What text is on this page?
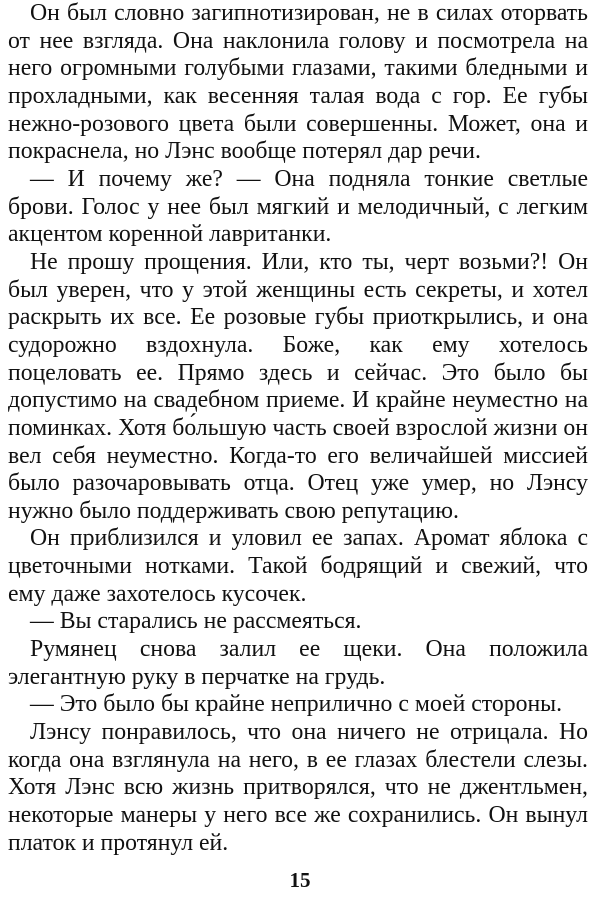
Он был словно загипнотизирован, не в силах оторвать от нее взгляда. Она наклонила голову и посмотрела на него огромными голубыми глазами, такими бледными и прохладными, как весенняя талая вода с гор. Ее губы нежно-розового цвета были совершенны. Может, она и покраснела, но Лэнс вообще потерял дар речи.

— И почему же? — Она подняла тонкие светлые брови. Голос у нее был мягкий и мелодичный, с легким акцентом коренной лавританки.

Не прошу прощения. Или, кто ты, черт возьми?! Он был уверен, что у этой женщины есть секреты, и хотел раскрыть их все. Ее розовые губы приоткрылись, и она судорожно вздохнула. Боже, как ему хотелось поцеловать ее. Прямо здесь и сейчас. Это было бы допустимо на свадебном приеме. И крайне неуместно на поминках. Хотя бо́льшую часть своей взрослой жизни он вел себя неуместно. Когда-то его величайшей миссией было разочаровывать отца. Отец уже умер, но Лэнсу нужно было поддерживать свою репутацию.

Он приблизился и уловил ее запах. Аромат яблока с цветочными нотками. Такой бодрящий и свежий, что ему даже захотелось кусочек.

— Вы старались не рассмеяться.

Румянец снова залил ее щеки. Она положила элегантную руку в перчатке на грудь.

— Это было бы крайне неприлично с моей стороны.

Лэнсу понравилось, что она ничего не отрицала. Но когда она взглянула на него, в ее глазах блестели слезы. Хотя Лэнс всю жизнь притворялся, что не джентльмен, некоторые манеры у него все же сохранились. Он вынул платок и протянул ей.

15
